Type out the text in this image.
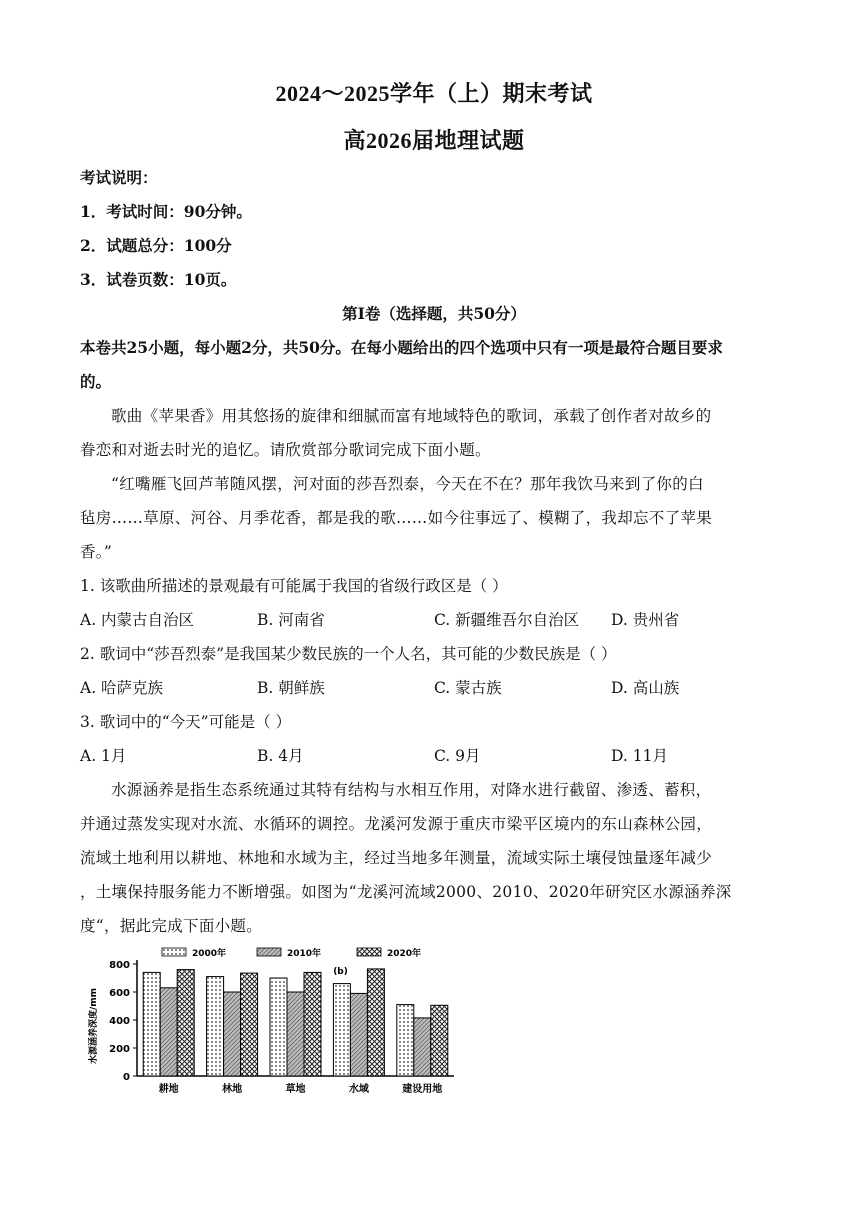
2024～2025学年（上）期末考试
高2026届地理试题
考试说明：
1．考试时间：90分钟。
2．试题总分：100分
3．试卷页数：10页。
第Ⅰ卷（选择题，共50分）
本卷共25小题，每小题2分，共50分。在每小题给出的四个选项中只有一项是最符合题目要求
的。
歌曲《苹果香》用其悠扬的旋律和细腻而富有地域特色的歌词，承载了创作者对故乡的
眷恋和对逝去时光的追忆。请欣赏部分歌词完成下面小题。
“红嘴雁飞回芦苇随风摆，河对面的莎吾烈泰，今天在不在？那年我饮马来到了你的白
毡房……草原、河谷、月季花香，都是我的歌……如今往事远了、模糊了，我却忘不了苹果
香。”
1. 该歌曲所描述的景观最有可能属于我国的省级行政区是（ ）
A. 内蒙古自治区	B. 河南省	C. 新疆维吾尔自治区 D. 贵州省
2. 歌词中“莎吾烈泰”是我国某少数民族的一个人名，其可能的少数民族是（ ）
A. 哈萨克族	B. 朝鲜族	C. 蒙古族	D. 高山族
3. 歌词中的“今天”可能是（ ）
A. 1月	B. 4月	C. 9月	D. 11月
水源涵养是指生态系统通过其特有结构与水相互作用，对降水进行截留、渗透、蓄积，
并通过蒸发实现对水流、水循环的调控。龙溪河发源于重庆市梁平区境内的东山森林公园，
流域土地利用以耕地、林地和水域为主，经过当地多年测量，流域实际土壤侵蚀量逐年减少
，土壤保持服务能力不断增强。如图为“龙溪河流域2000、2010、2020年研究区水源涵养深
度“，据此完成下面小题。
0
200
400
600
800
水源涵养深度/mm
耕地	林地	草地	水域	建设用地
2000年	2010年	2020年
(b)
